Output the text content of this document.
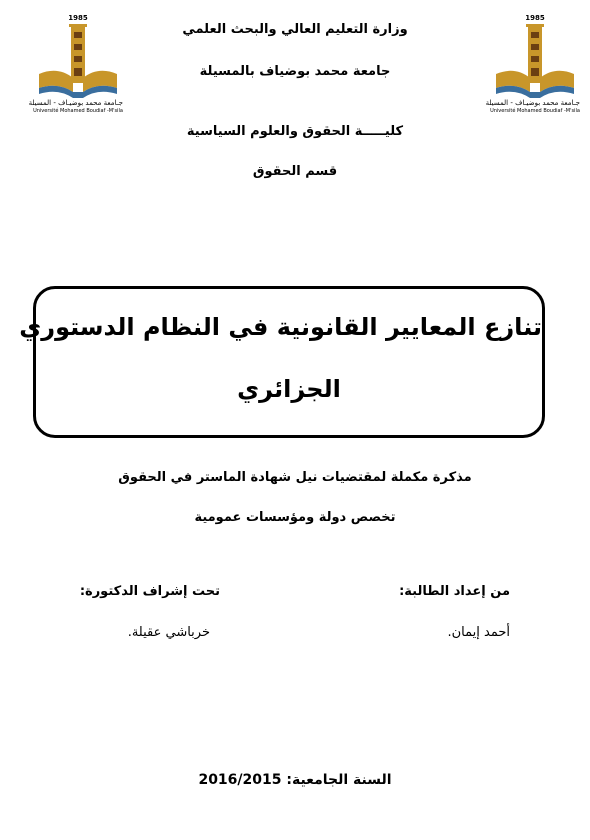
1985
جـامعة محمد بوضيـاف - المسيلة
Université Mohamed Boudiaf -M'sila
1985
جـامعة محمد بوضيـاف - المسيلة
Université Mohamed Boudiaf -M'sila
وزارة التعليم العالي والبحث العلمي
جامعة محمد بوضياف بالمسيلة
كليـــــة الحقوق والعلوم السياسية
قسم الحقوق
تنازع المعايير القانونية في النظام الدستوري
الجزائري
مذكرة مكملة لمقتضيات نيل شهادة الماستر في الحقوق
تخصص دولة ومؤسسات عمومية
من إعداد الطالبة:
أحمد إيمان.
تحت إشراف الدكتورة:
خرباشي عقيلة.
السنة الجامعية: 2016/2015
